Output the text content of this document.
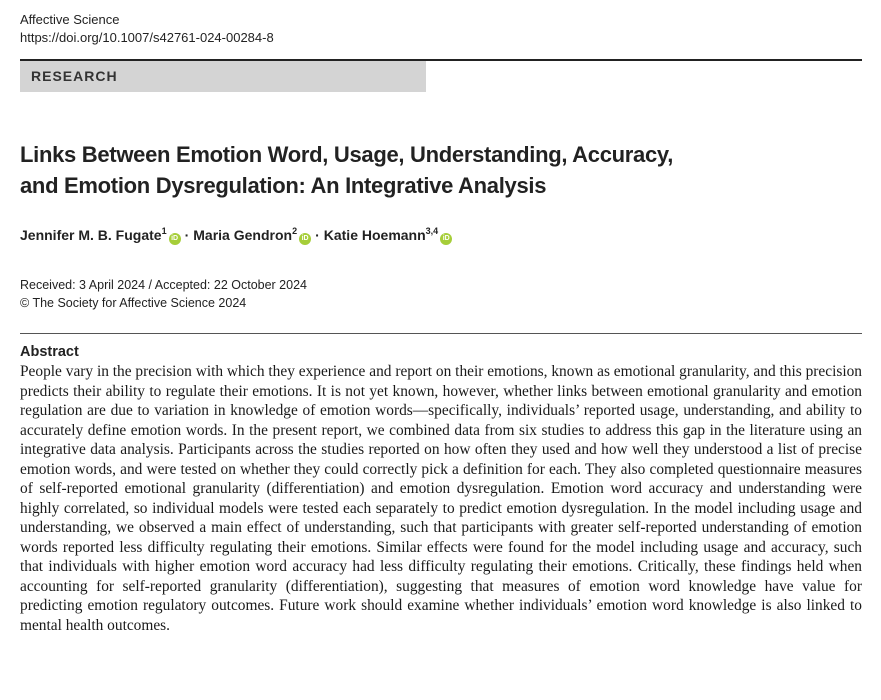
Affective Science
https://doi.org/10.1007/s42761-024-00284-8
RESEARCH
Links Between Emotion Word, Usage, Understanding, Accuracy,
and Emotion Dysregulation: An Integrative Analysis
Jennifer M. B. Fugate$^1$iD · Maria Gendron$^2$iD · Katie Hoemann$^{3,4}$iD
Received: 3 April 2024 / Accepted: 22 October 2024
© The Society for Affective Science 2024
Abstract
People vary in the precision with which they experience and report on their emotions, known as emotional granularity, and this precision predicts their ability to regulate their emotions. It is not yet known, however, whether links between emotional granularity and emotion regulation are due to variation in knowledge of emotion words—specifically, individuals’ reported usage, understanding, and ability to accurately define emotion words. In the present report, we combined data from six studies to address this gap in the literature using an integrative data analysis. Participants across the studies reported on how often they used and how well they understood a list of precise emotion words, and were tested on whether they could correctly pick a definition for each. They also completed questionnaire measures of self-reported emotional granularity (differentiation) and emotion dysregulation. Emotion word accuracy and understanding were highly correlated, so individual models were tested each separately to predict emotion dysregulation. In the model including usage and understanding, we observed a main effect of understanding, such that participants with greater self-reported understanding of emotion words reported less difficulty regulating their emotions. Similar effects were found for the model including usage and accuracy, such that individuals with higher emotion word accuracy had less difficulty regulating their emotions. Critically, these findings held when accounting for self-reported granularity (differentiation), suggesting that measures of emotion word knowledge have value for predicting emotion regulatory outcomes. Future work should examine whether individuals’ emotion word knowledge is also linked to mental health outcomes.
